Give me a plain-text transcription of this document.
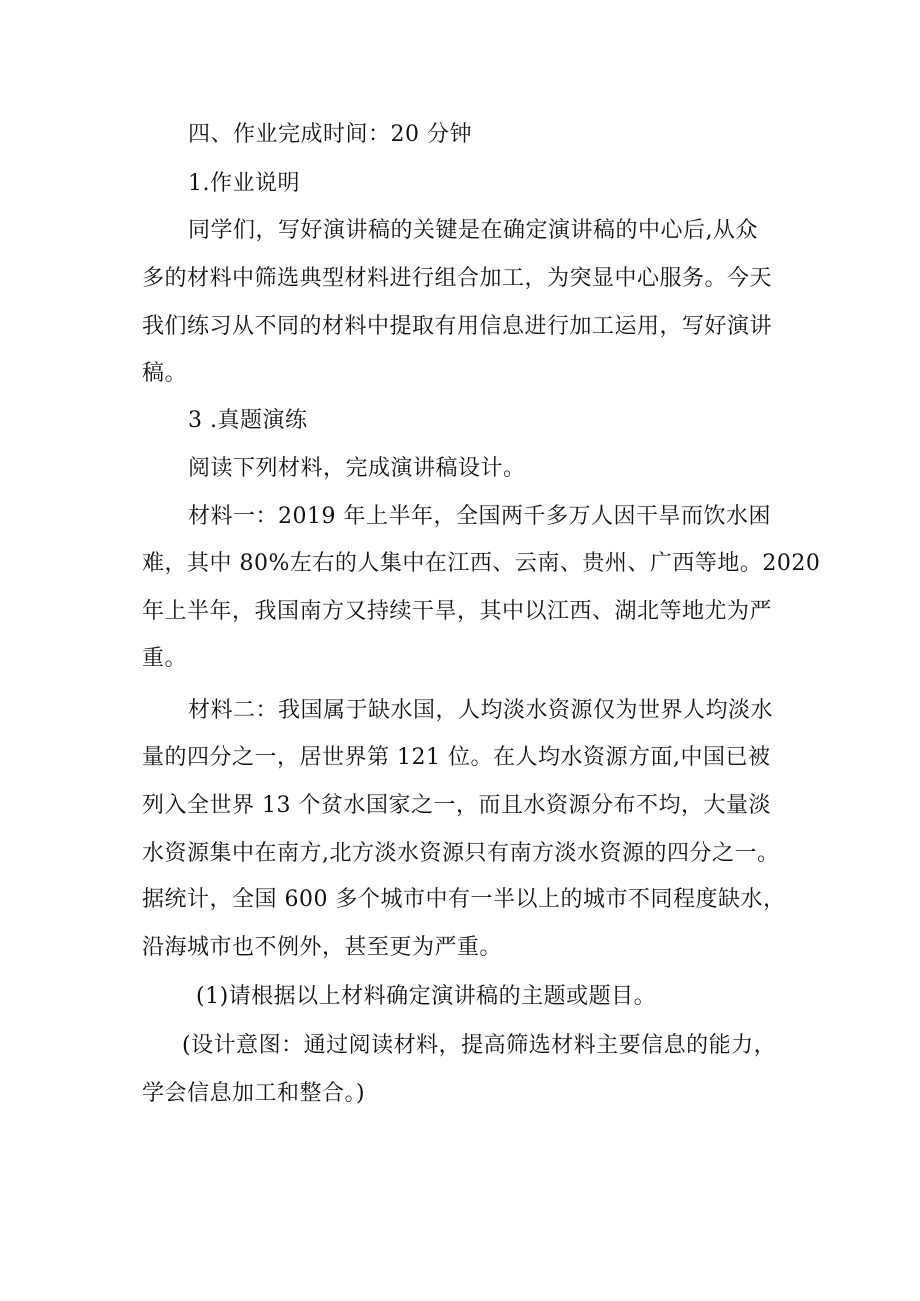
四、作业完成时间：20 分钟
1.作业说明
同学们，写好演讲稿的关键是在确定演讲稿的中心后,从众
多的材料中筛选典型材料进行组合加工，为突显中心服务。今天
我们练习从不同的材料中提取有用信息进行加工运用，写好演讲
稿。
3 .真题演练
阅读下列材料，完成演讲稿设计。
材料一：2019 年上半年，全国两千多万人因干旱而饮水困
难，其中 80%左右的人集中在江西、云南、贵州、广西等地。2020
年上半年，我国南方又持续干旱，其中以江西、湖北等地尤为严
重。
材料二：我国属于缺水国，人均淡水资源仅为世界人均淡水
量的四分之一，居世界第 121 位。在人均水资源方面,中国已被
列入全世界 13 个贫水国家之一，而且水资源分布不均，大量淡
水资源集中在南方,北方淡水资源只有南方淡水资源的四分之一。
据统计，全国 600 多个城市中有一半以上的城市不同程度缺水，
沿海城市也不例外，甚至更为严重。
(1)请根据以上材料确定演讲稿的主题或题目。
(设计意图：通过阅读材料，提高筛选材料主要信息的能力，
学会信息加工和整合。)
